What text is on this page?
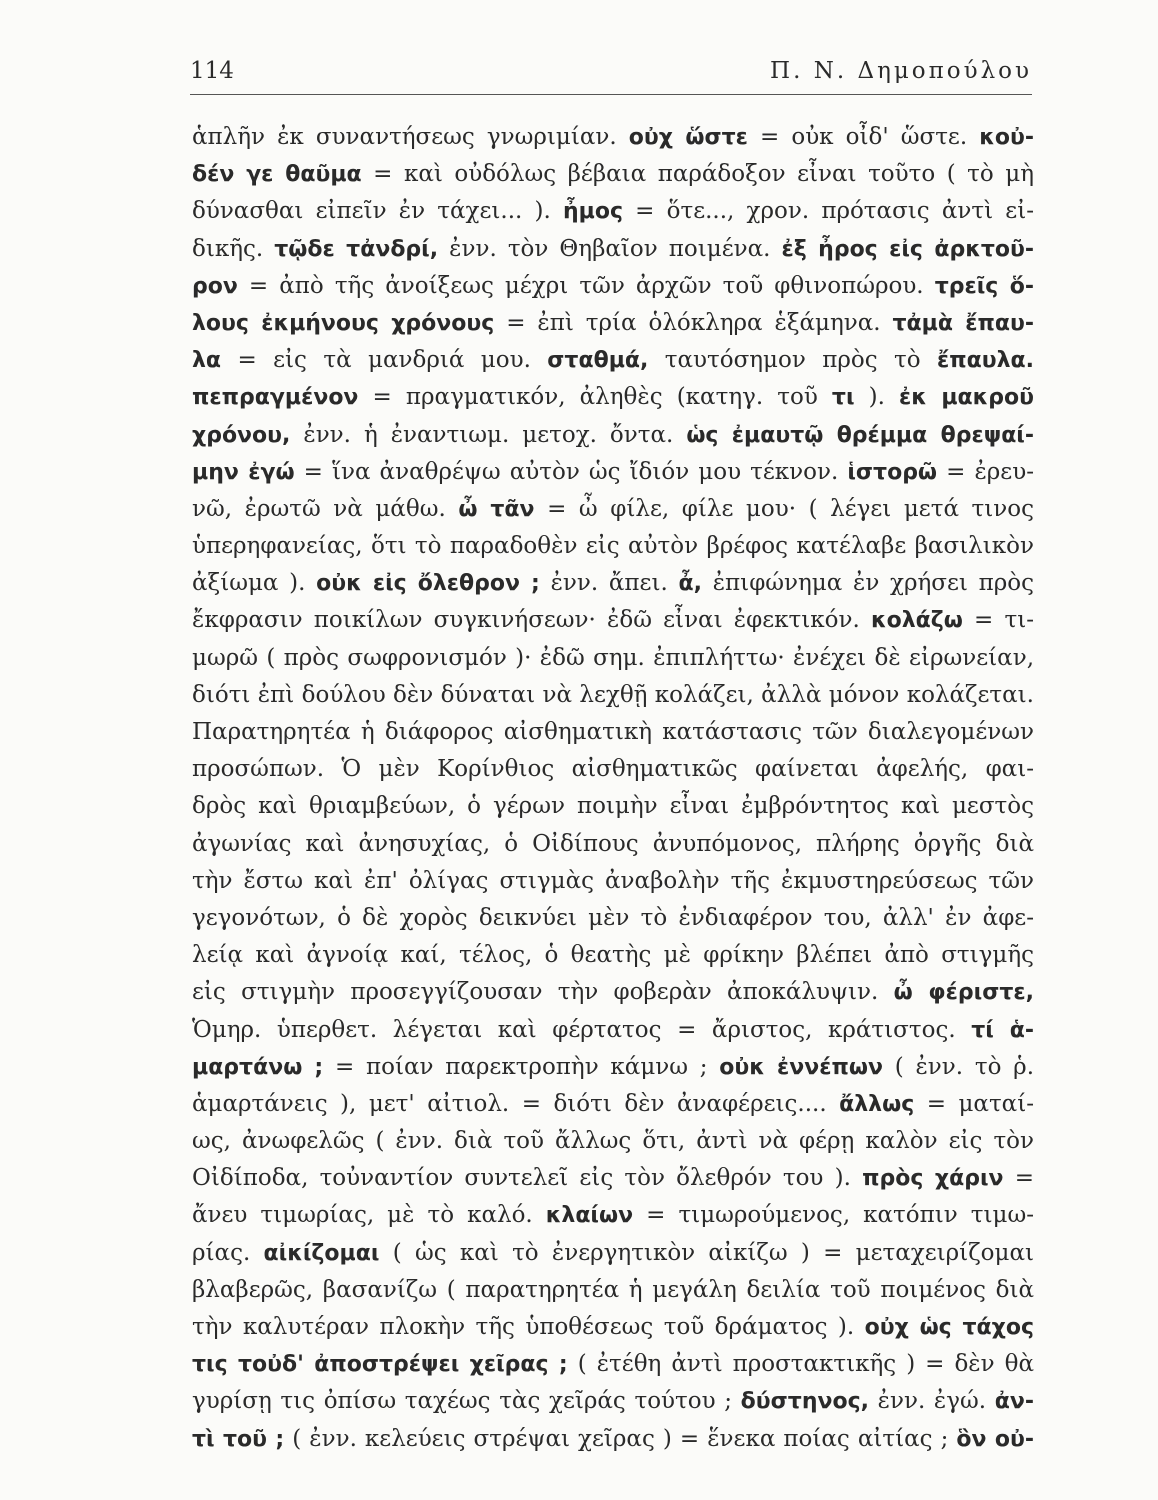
114	Π. Ν. Δημοπούλου
ἁπλῆν ἐκ συναντήσεως γνωριμίαν. οὐχ ὥστε = οὐκ οἶδ' ὥστε. κοὐ-
δέν γε θαῦμα = καὶ οὐδόλως βέβαια παράδοξον εἶναι τοῦτο ( τὸ μὴ
δύνασθαι εἰπεῖν ἐν τάχει... ). ἦμος = ὅτε..., χρον. πρότασις ἀντὶ εἰ-
δικῆς. τῷδε τἀνδρί, ἐνν. τὸν Θηβαῖον ποιμένα. ἐξ ἦρος εἰς ἀρκτοῦ-
ρον = ἀπὸ τῆς ἀνοίξεως μέχρι τῶν ἀρχῶν τοῦ φθινοπώρου. τρεῖς ὅ-
λους ἐκμήνους χρόνους = ἐπὶ τρία ὁλόκληρα ἑξάμηνα. τἀμὰ ἔπαυ-
λα = εἰς τὰ μανδριά μου. σταθμά, ταυτόσημον πρὸς τὸ ἔπαυλα.
πεπραγμένον = πραγματικόν, ἀληθὲς (κατηγ. τοῦ τι ). ἐκ μακροῦ
χρόνου, ἐνν. ἡ ἐναντιωμ. μετοχ. ὄντα. ὡς ἐμαυτῷ θρέμμα θρεψαί-
μην ἐγώ = ἵνα ἀναθρέψω αὐτὸν ὡς ἴδιόν μου τέκνον. ἱστορῶ = ἐρευ-
νῶ, ἐρωτῶ νὰ μάθω. ὦ τᾶν = ὦ φίλε, φίλε μου· ( λέγει μετά τινος
ὑπερηφανείας, ὅτι τὸ παραδοθὲν εἰς αὐτὸν βρέφος κατέλαβε βασιλικὸν
ἀξίωμα ). οὐκ εἰς ὄλεθρον ; ἐνν. ἄπει. ἆ, ἐπιφώνημα ἐν χρήσει πρὸς
ἔκφρασιν ποικίλων συγκινήσεων· ἐδῶ εἶναι ἐφεκτικόν. κολάζω = τι-
μωρῶ ( πρὸς σωφρονισμόν )· ἐδῶ σημ. ἐπιπλήττω· ἐνέχει δὲ εἰρωνείαν,
διότι ἐπὶ δούλου δὲν δύναται νὰ λεχθῇ κολάζει, ἀλλὰ μόνον κολάζεται.
Παρατηρητέα ἡ διάφορος αἰσθηματικὴ κατάστασις τῶν διαλεγομένων
προσώπων. Ὁ μὲν Κορίνθιος αἰσθηματικῶς φαίνεται ἀφελής, φαι-
δρὸς καὶ θριαμβεύων, ὁ γέρων ποιμὴν εἶναι ἐμβρόντητος καὶ μεστὸς
ἀγωνίας καὶ ἀνησυχίας, ὁ Οἰδίπους ἀνυπόμονος, πλήρης ὀργῆς διὰ
τὴν ἔστω καὶ ἐπ' ὀλίγας στιγμὰς ἀναβολὴν τῆς ἐκμυστηρεύσεως τῶν
γεγονότων, ὁ δὲ χορὸς δεικνύει μὲν τὸ ἐνδιαφέρον του, ἀλλ' ἐν ἀφε-
λείᾳ καὶ ἀγνοίᾳ καί, τέλος, ὁ θεατὴς μὲ φρίκην βλέπει ἀπὸ στιγμῆς
εἰς στιγμὴν προσεγγίζουσαν τὴν φοβερὰν ἀποκάλυψιν. ὦ φέριστε,
Ὁμηρ. ὑπερθετ. λέγεται καὶ φέρτατος = ἄριστος, κράτιστος. τί ἁ-
μαρτάνω ; = ποίαν παρεκτροπὴν κάμνω ; οὐκ ἐννέπων ( ἐνν. τὸ ῥ.
ἁμαρτάνεις ), μετ' αἰτιολ. = διότι δὲν ἀναφέρεις.... ἄλλως = ματαί-
ως, ἀνωφελῶς ( ἐνν. διὰ τοῦ ἄλλως ὅτι, ἀντὶ νὰ φέρῃ καλὸν εἰς τὸν
Οἰδίποδα, τοὐναντίον συντελεῖ εἰς τὸν ὄλεθρόν του ). πρὸς χάριν =
ἄνευ τιμωρίας, μὲ τὸ καλό. κλαίων = τιμωρούμενος, κατόπιν τιμω-
ρίας. αἰκίζομαι ( ὡς καὶ τὸ ἐνεργητικὸν αἰκίζω ) = μεταχειρίζομαι
βλαβερῶς, βασανίζω ( παρατηρητέα ἡ μεγάλη δειλία τοῦ ποιμένος διὰ
τὴν καλυτέραν πλοκὴν τῆς ὑποθέσεως τοῦ δράματος ). οὐχ ὡς τάχος
τις τοὐδ' ἀποστρέψει χεῖρας ; ( ἐτέθη ἀντὶ προστακτικῆς ) = δὲν θὰ
γυρίσῃ τις ὀπίσω ταχέως τὰς χεῖράς τούτου ; δύστηνος, ἐνν. ἐγώ. ἀν-
τὶ τοῦ ; ( ἐνν. κελεύεις στρέψαι χεῖρας ) = ἕνεκα ποίας αἰτίας ; ὃν οὐ-
